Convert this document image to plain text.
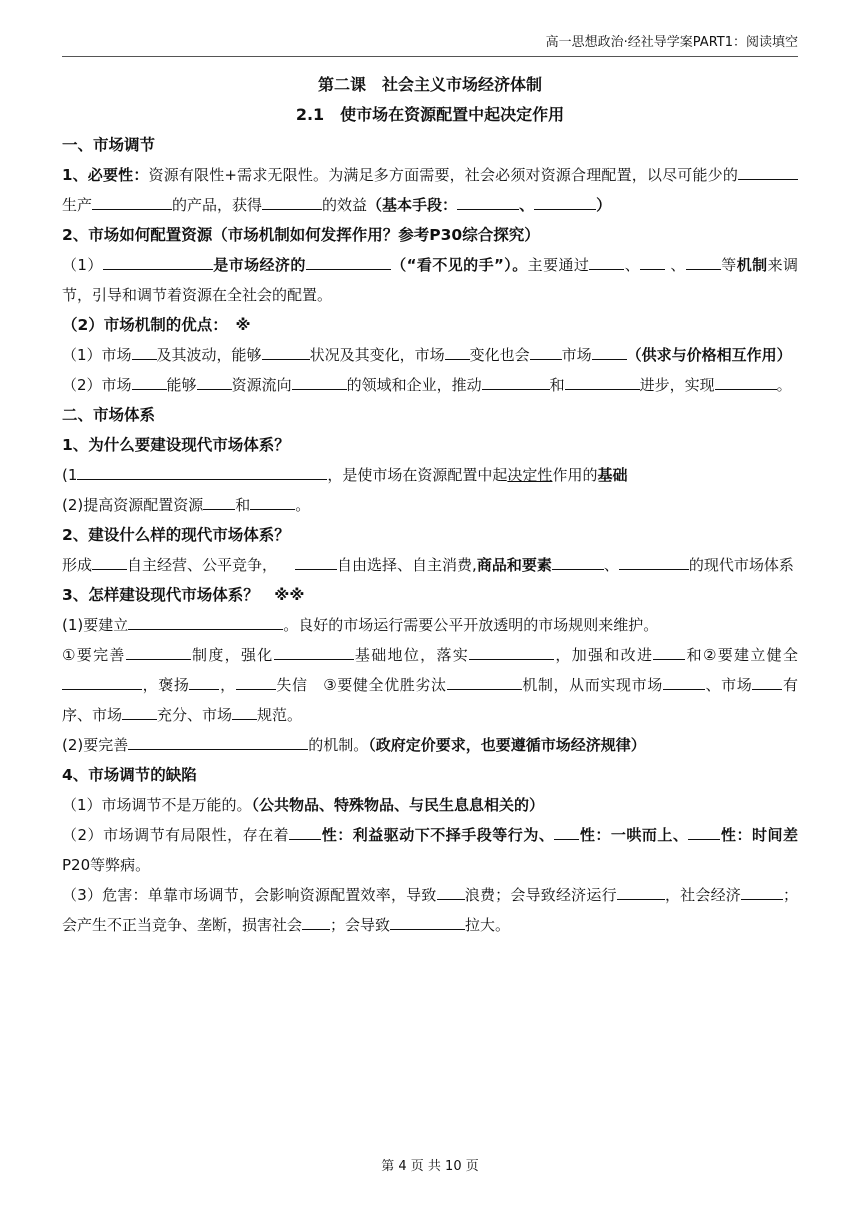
高一思想政治·经社导学案PART1：阅读填空
第二课　社会主义市场经济体制
2.1　使市场在资源配置中起决定作用
一、市场调节
1、必要性：资源有限性+需求无限性。为满足多方面需要，社会必须对资源合理配置，以尽可能少的生产	的产品，获得	的效益（基本手段：	、	）
2、市场如何配置资源（市场机制如何发挥作用？参考P30综合探究）
（1）	是市场经济的	（“看不见的手”）。主要通过 、 、 等机制来调节，引导和调节着资源在全社会的配置。
（2）市场机制的优点：　※
（1）市场 及其波动，能够	状况及其变化，市场 变化也会 市场 （供求与价格相互作用）
（2）市场 能够 资源流向	的领域和企业，推动	和	进步，实现	。
二、市场体系
1、为什么要建设现代市场体系？
(1	，是使市场在资源配置中起决定性作用的基础
(2)提高资源配置资源 和	。
2、建设什么样的现代市场体系？
形成 自主经营、公平竞争，	自由选择、自主消费,商品和要素	、	的现代市场体系
3、怎样建设现代市场体系？　※※
(1)要建立	。良好的市场运行需要公平开放透明的市场规则来维护。
①要完善	制度，强化	基础地位，落实	，加强和改进 和②要建立健全，褒扬 ，	失信　③要健全优胜劣汰	机制，从而实现市场	、市场 有序、市场 充分、市场 规范。
(2)要完善	的机制。（政府定价要求，也要遵循市场经济规律）
4、市场调节的缺陷
（1）市场调节不是万能的。（公共物品、特殊物品、与民生息息相关的）
（2）市场调节有局限性，存在着 性：利益驱动下不择手段等行为、 性：一哄而上、 性：时间差 P20等弊病。
（3）危害：单靠市场调节，会影响资源配置效率，导致 浪费；会导致经济运行	，社会经济	；会产生不正当竞争、垄断，损害社会 ；会导致	拉大。
第 4 页 共 10 页
